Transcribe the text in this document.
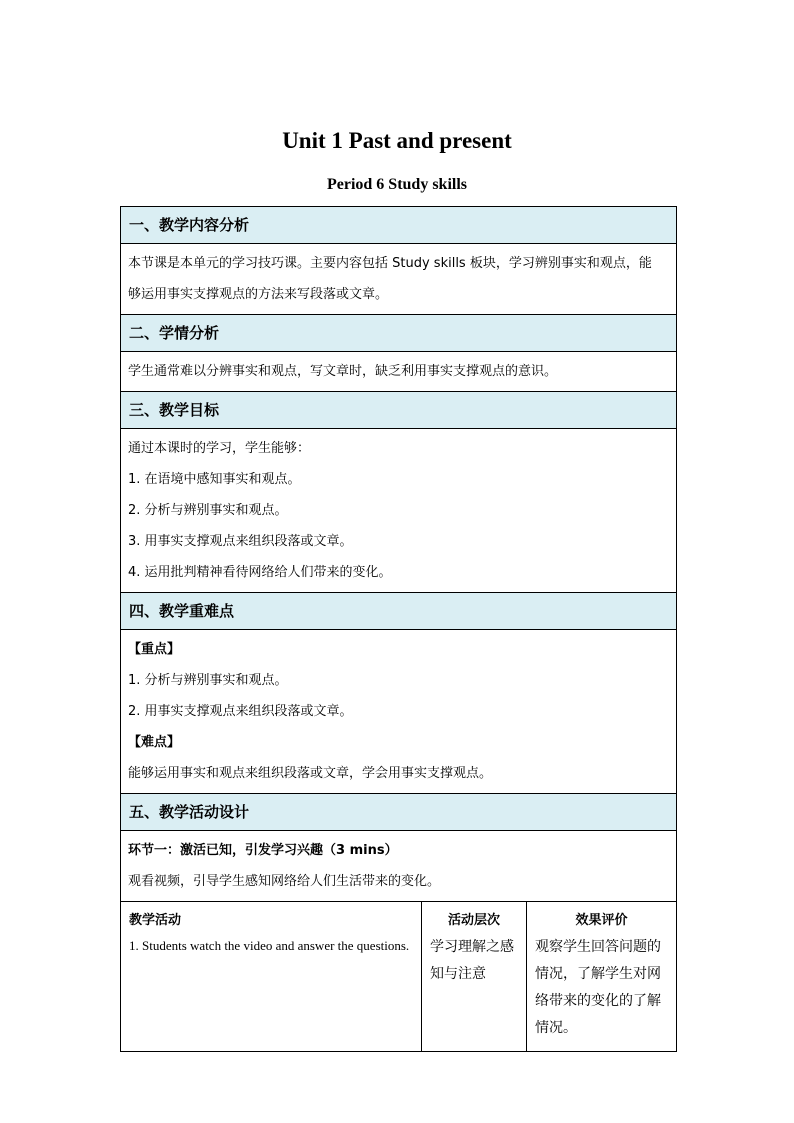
Unit 1 Past and present
Period 6 Study skills
一、教学内容分析
本节课是本单元的学习技巧课。主要内容包括 Study skills 板块，学习辨别事实和观点，能
够运用事实支撑观点的方法来写段落或文章。
二、学情分析
学生通常难以分辨事实和观点，写文章时，缺乏利用事实支撑观点的意识。
三、教学目标
通过本课时的学习，学生能够：
1. 在语境中感知事实和观点。
2. 分析与辨别事实和观点。
3. 用事实支撑观点来组织段落或文章。
4. 运用批判精神看待网络给人们带来的变化。
四、教学重难点
【重点】
1. 分析与辨别事实和观点。
2. 用事实支撑观点来组织段落或文章。
【难点】
能够运用事实和观点来组织段落或文章，学会用事实支撑观点。
五、教学活动设计
环节一：激活已知，引发学习兴趣（3 mins）
观看视频，引导学生感知网络给人们生活带来的变化。
教学活动
1. Students watch the video and answer the questions.
活动层次
学习理解之感知与注意
效果评价
观察学生回答问题的情况，了解学生对网络带来的变化的了解情况。
